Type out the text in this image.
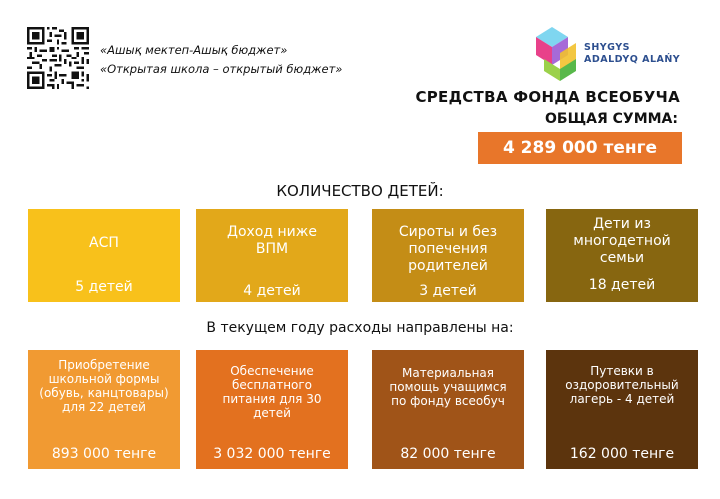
«Ашық мектеп-Ашық бюджет»
«Открытая школа – открытый бюджет»
SHYGYS
ADALDYQ ALAŃY
СРЕДСТВА ФОНДА ВСЕОБУЧА
ОБЩАЯ СУММА:
4 289 000 тенге
КОЛИЧЕСТВО ДЕТЕЙ:
АСП
5 детей
Доход ниже ВПМ
4 детей
Сироты и без попечения родителей
3 детей
Дети из многодетной семьи
18 детей
В текущем году расходы направлены на:
Приобретение школьной формы (обувь, канцтовары) для 22 детей
893 000 тенге
Обеспечение бесплатного питания для 30 детей
3 032 000 тенге
Материальная помощь учащимся по фонду всеобуч
82 000 тенге
Путевки в оздоровительный лагерь - 4 детей
162 000 тенге
